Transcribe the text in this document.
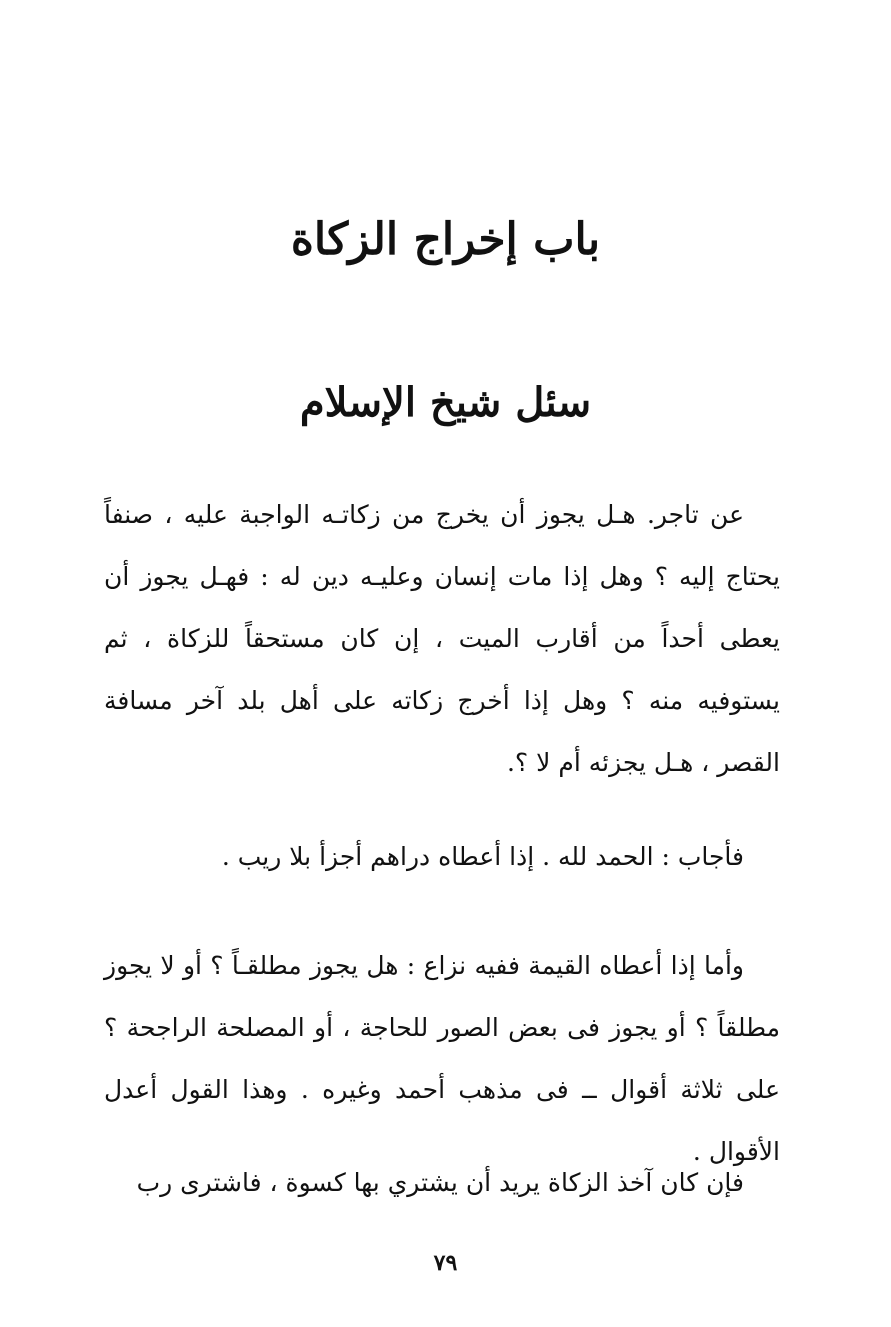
باب إخراج الزكاة
سئل شيخ الإسلام

عن تاجر. هـل يجوز أن يخرج من زكاتـه الواجبة عليه ، صنفاً يحتاج إليه ؟ وهل إذا مات إنسان وعليـه دين له : فهـل يجوز أن يعطى أحداً من أقارب الميت ، إن كان مستحقاً للزكاة ، ثم يستوفيه منه ؟ وهل إذا أخرج زكاته على أهل بلد آخر مسافة القصر ، هـل يجزئه أم لا ؟.

فأجاب : الحمد لله . إذا أعطاه دراهم أجزأ بلا ريب .

وأما إذا أعطاه القيمة ففيه نزاع : هل يجوز مطلقـاً ؟ أو لا يجوز مطلقاً ؟ أو يجوز فى بعض الصور للحاجة ، أو المصلحة الراجحة ؟ على ثلاثة أقوال ــ فى مذهب أحمد وغيره . وهذا القول أعدل الأقوال .

فإن كان آخذ الزكاة يريد أن يشتري بها كسوة ، فاشترى رب

٧٩
